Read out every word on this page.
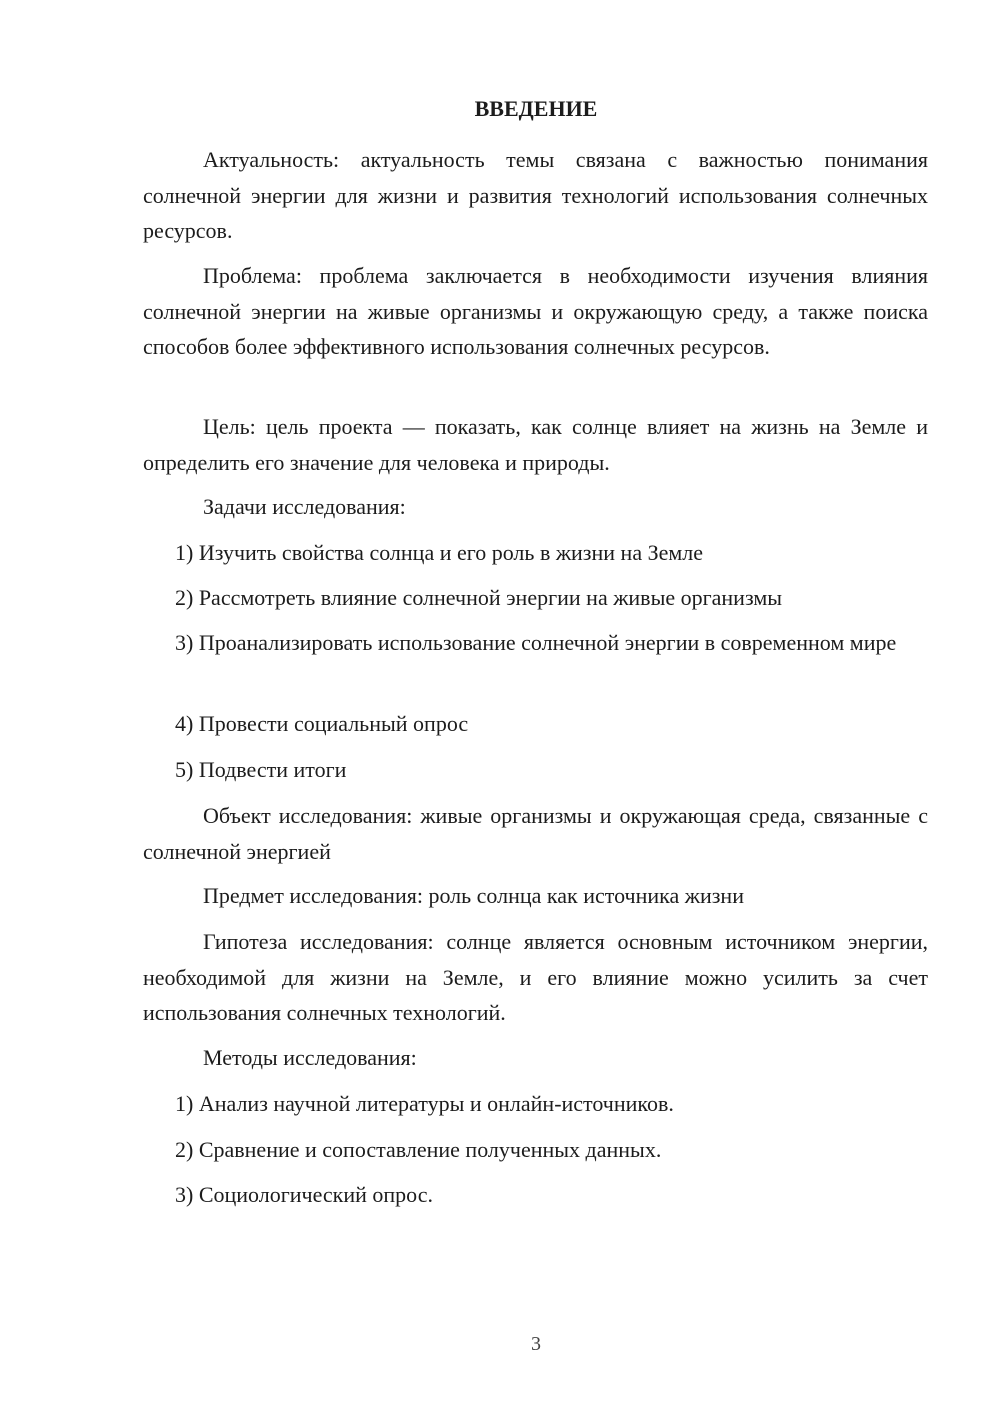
ВВЕДЕНИЕ
Актуальность: актуальность темы связана с важностью понимания солнечной энергии для жизни и развития технологий использования солнечных ресурсов.
Проблема: проблема заключается в необходимости изучения влияния солнечной энергии на живые организмы и окружающую среду, а также поиска способов более эффективного использования солнечных ресурсов.
Цель: цель проекта — показать, как солнце влияет на жизнь на Земле и определить его значение для человека и природы.
Задачи исследования:
1) Изучить свойства солнца и его роль в жизни на Земле
2) Рассмотреть влияние солнечной энергии на живые организмы
3) Проанализировать использование солнечной энергии в современном мире
4) Провести социальный опрос
5) Подвести итоги
Объект исследования: живые организмы и окружающая среда, связанные с солнечной энергией
Предмет исследования: роль солнца как источника жизни
Гипотеза исследования: солнце является основным источником энергии, необходимой для жизни на Земле, и его влияние можно усилить за счет использования солнечных технологий.
Методы исследования:
1) Анализ научной литературы и онлайн-источников.
2) Сравнение и сопоставление полученных данных.
3) Социологический опрос.
3
